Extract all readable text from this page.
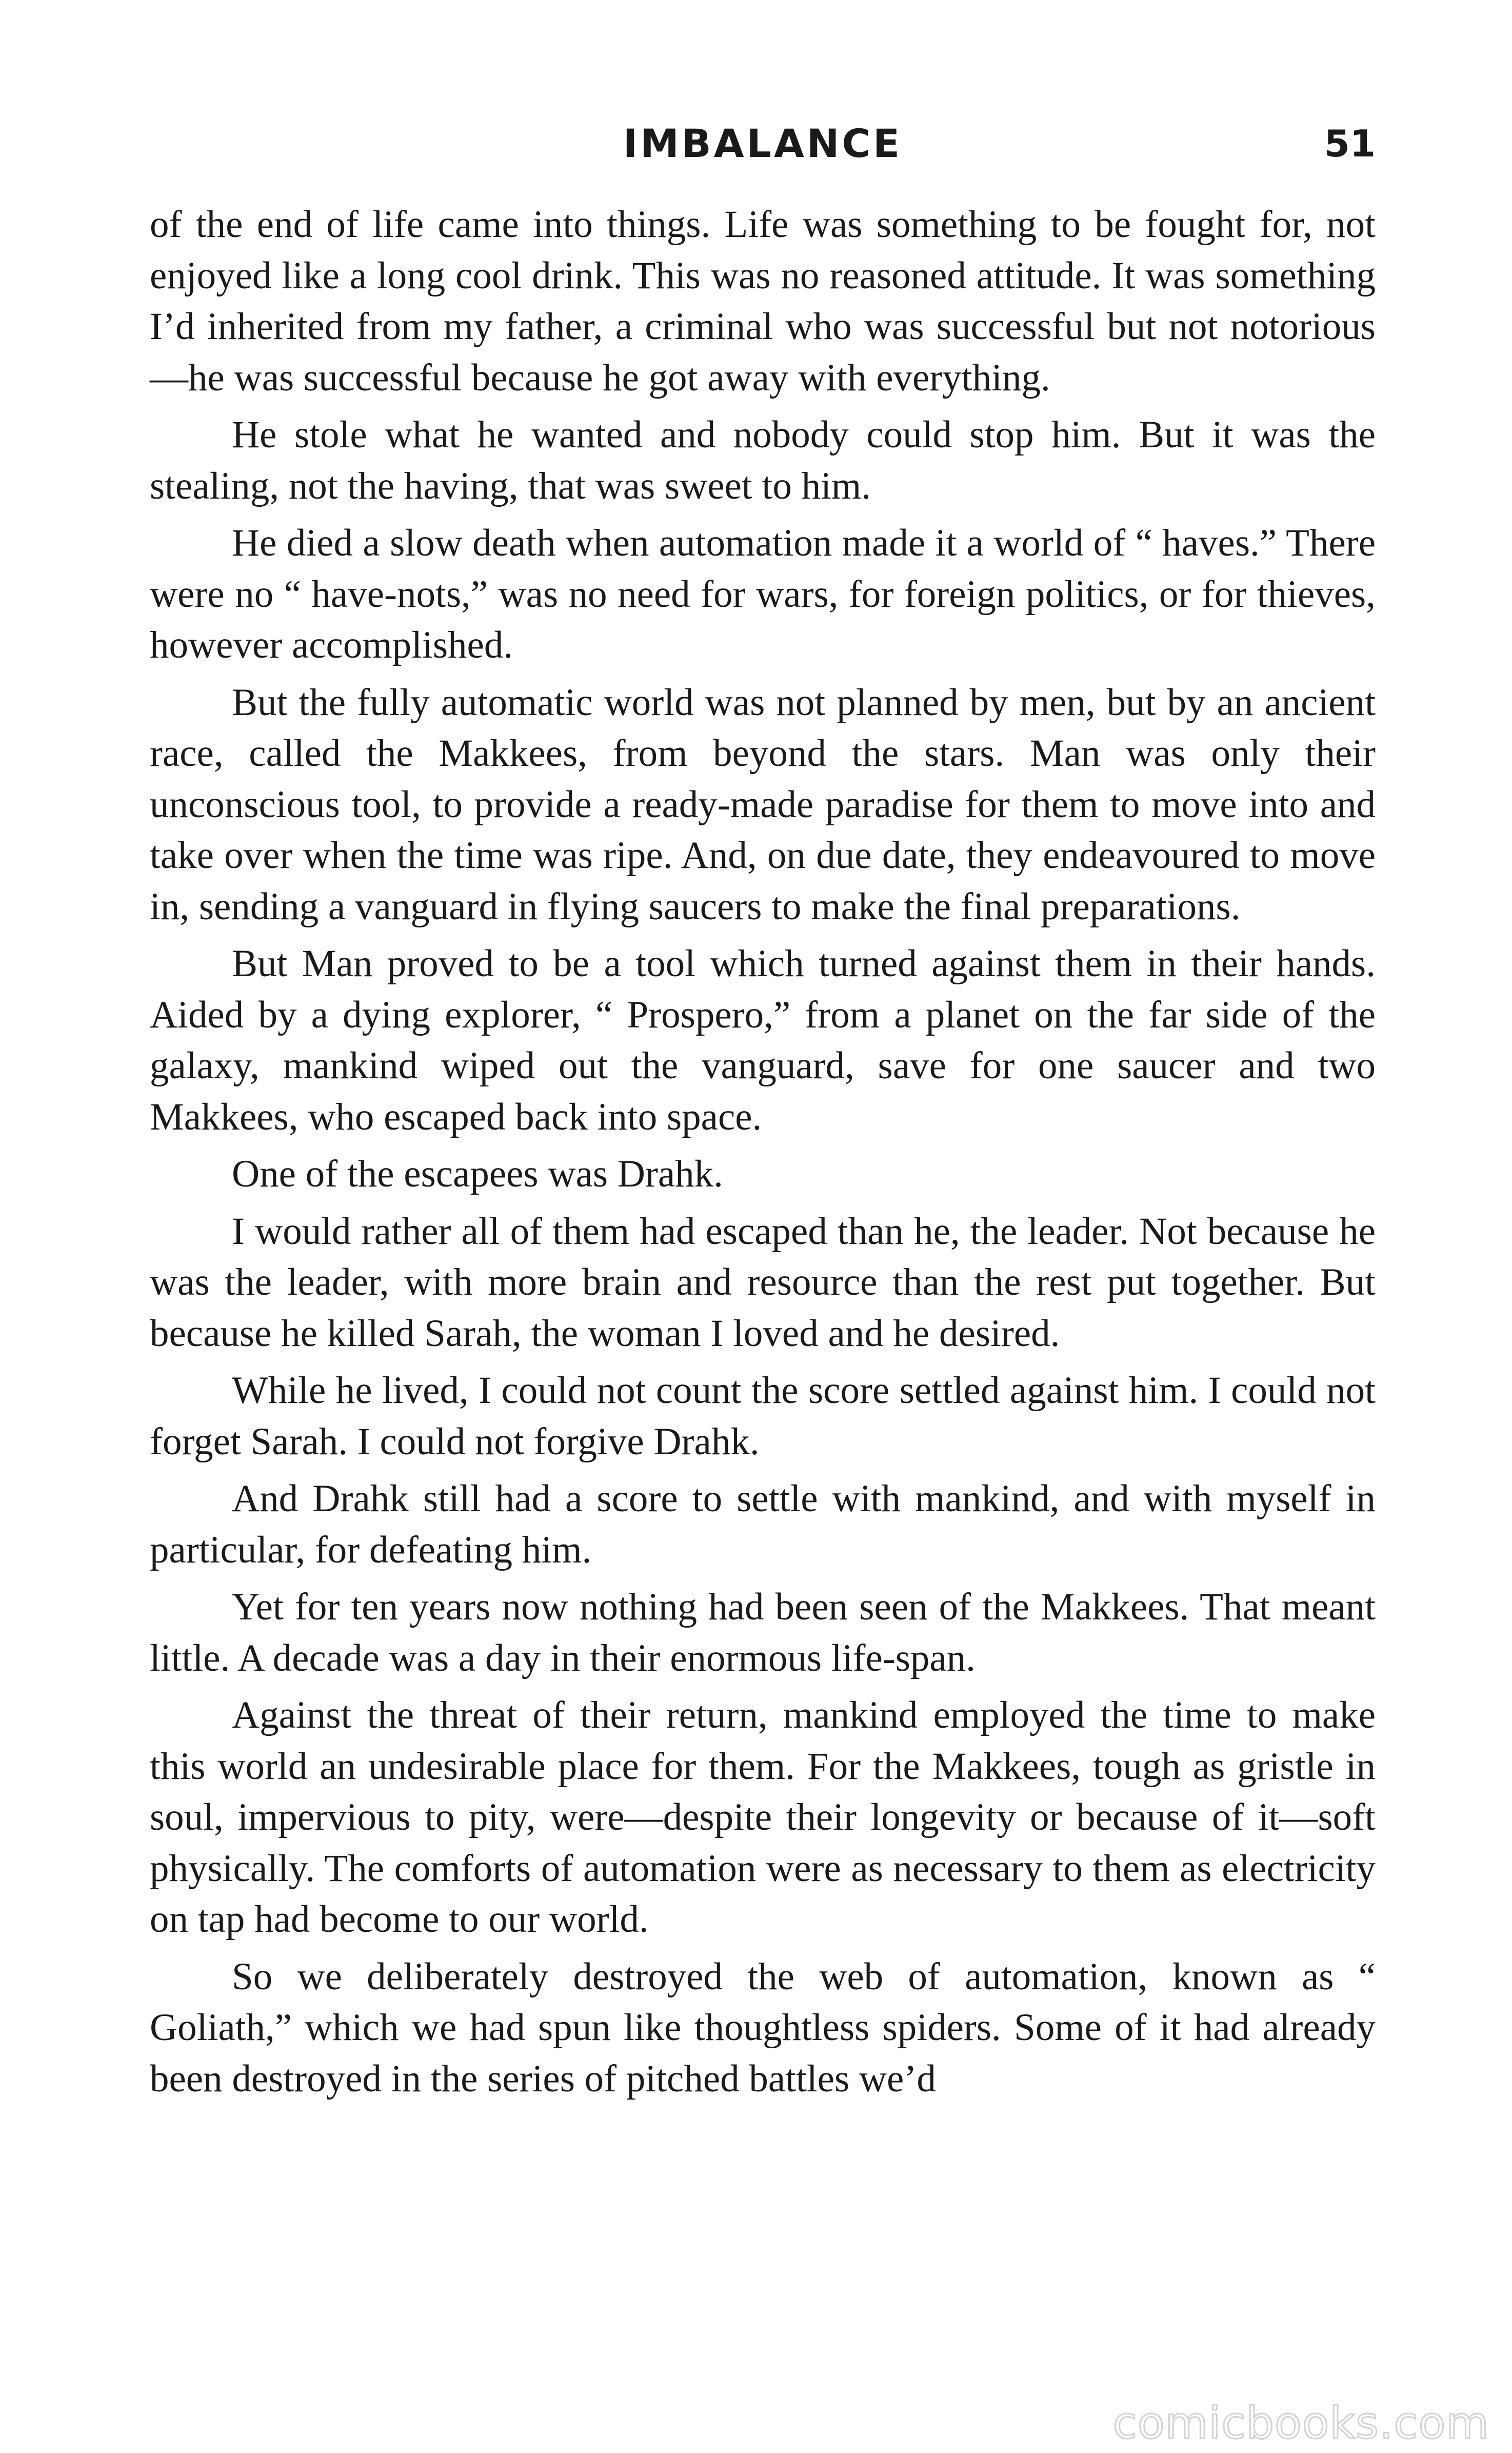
IMBALANCE	51

of the end of life came into things. Life was something to be fought for, not enjoyed like a long cool drink. This was no reasoned attitude. It was something I’d inherited from my father, a criminal who was successful but not notorious—he was successful because he got away with everything.

He stole what he wanted and nobody could stop him. But it was the stealing, not the having, that was sweet to him.

He died a slow death when automation made it a world of “ haves.” There were no “ have-nots,” was no need for wars, for foreign politics, or for thieves, however accomplished.

But the fully automatic world was not planned by men, but by an ancient race, called the Makkees, from beyond the stars. Man was only their unconscious tool, to provide a ready-made paradise for them to move into and take over when the time was ripe. And, on due date, they endeavoured to move in, sending a vanguard in flying saucers to make the final preparations.

But Man proved to be a tool which turned against them in their hands. Aided by a dying explorer, “ Prospero,” from a planet on the far side of the galaxy, mankind wiped out the vanguard, save for one saucer and two Makkees, who escaped back into space.

One of the escapees was Drahk.

I would rather all of them had escaped than he, the leader. Not because he was the leader, with more brain and resource than the rest put together. But because he killed Sarah, the woman I loved and he desired.

While he lived, I could not count the score settled against him. I could not forget Sarah. I could not forgive Drahk.

And Drahk still had a score to settle with mankind, and with myself in particular, for defeating him.

Yet for ten years now nothing had been seen of the Makkees. That meant little. A decade was a day in their enormous life-span.

Against the threat of their return, mankind employed the time to make this world an undesirable place for them. For the Makkees, tough as gristle in soul, impervious to pity, were—despite their longevity or because of it—soft physically. The comforts of automation were as necessary to them as electricity on tap had become to our world.

So we deliberately destroyed the web of automation, known as “ Goliath,” which we had spun like thoughtless spiders. Some of it had already been destroyed in the series of pitched battles we’d

comicbooks.com
